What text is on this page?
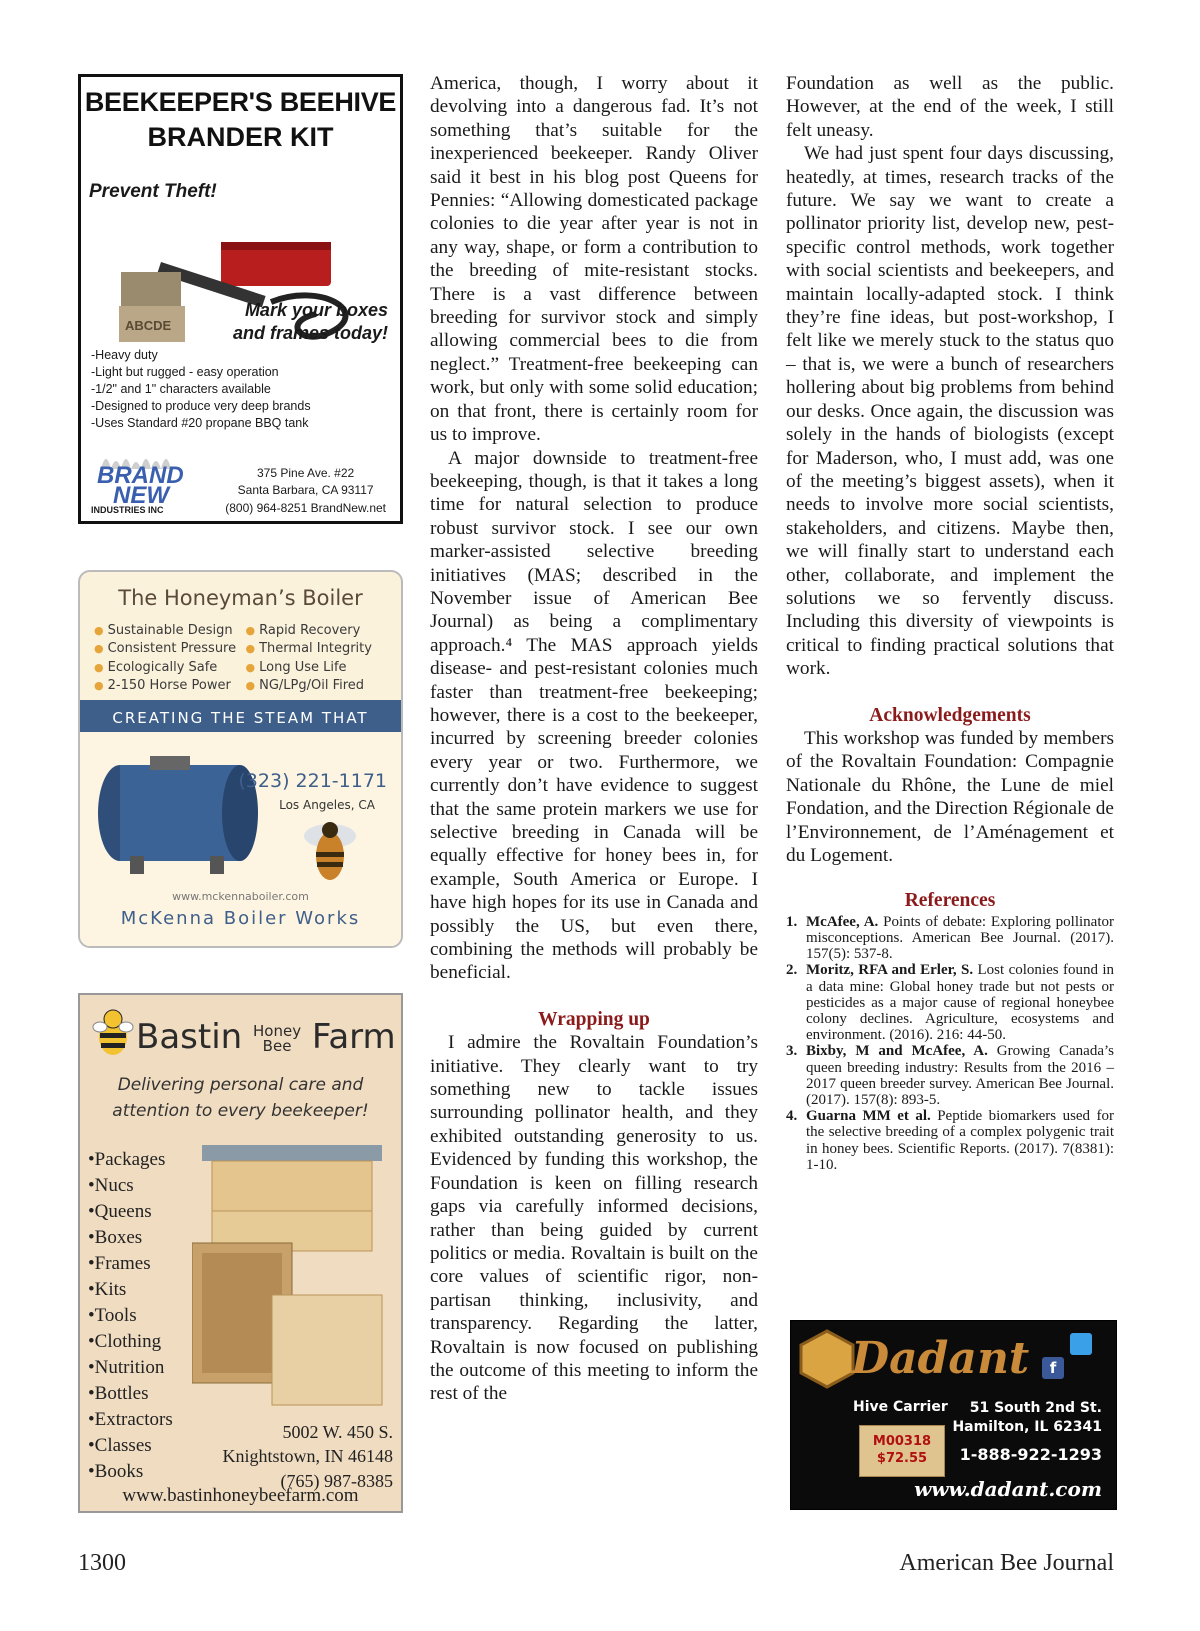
BEEKEEPER'S BEEHIVE
BRANDER KIT
Prevent Theft!
ABCDE
Mark your boxes
and frames today!
-Heavy duty
-Light but rugged - easy operation
-1/2" and 1" characters available
-Designed to produce very deep brands
-Uses Standard #20 propane BBQ tank
BRAND
NEW
INDUSTRIES INC
375 Pine Ave. #22
Santa Barbara, CA 93117
(800) 964-8251 BrandNew.net
The Honeyman’s Boiler
● Sustainable Design	● Rapid Recovery
● Consistent Pressure	● Thermal Integrity
● Ecologically Safe	● Long Use Life
● 2-150 Horse Power	● NG/LPg/Oil Fired
CREATING THE STEAM THAT
(323) 221-1171
Los Angeles, CA
www.mckennaboiler.com
McKenna Boiler Works
Bastin Honey
Bee Farm
Delivering personal care and
attention to every beekeeper!
•Packages
•Nucs
•Queens
•Boxes
•Frames
•Kits
•Tools
•Clothing
•Nutrition
•Bottles
•Extractors
•Classes
•Books
5002 W. 450 S.
Knightstown, IN 46148
(765) 987-8385
www.bastinhoneybeefarm.com

America, though, I worry about it devolving into a dangerous fad. It’s not something that’s suitable for the inexperienced beekeeper. Randy Oliver said it best in his blog post Queens for Pennies: “Allowing domesticated package colonies to die year after year is not in any way, shape, or form a contribution to the breeding of mite-resistant stocks. There is a vast difference between breeding for survivor stock and simply allowing commercial bees to die from neglect.” Treatment-free beekeeping can work, but only with some solid education; on that front, there is certainly room for us to improve.

A major downside to treatment-free beekeeping, though, is that it takes a long time for natural selection to produce robust survivor stock. I see our own marker-assisted selective breeding initiatives (MAS; described in the November issue of American Bee Journal) as being a complimentary approach.⁴ The MAS approach yields disease- and pest-resistant colonies much faster than treatment-free beekeeping; however, there is a cost to the beekeeper, incurred by screening breeder colonies every year or two. Furthermore, we currently don’t have evidence to suggest that the same protein markers we use for selective breeding in Canada will be equally effective for honey bees in, for example, South America or Europe. I have high hopes for its use in Canada and possibly the US, but even there, combining the methods will probably be beneficial.

Wrapping up

I admire the Rovaltain Foundation’s initiative. They clearly want to try something new to tackle issues surrounding pollinator health, and they exhibited outstanding generosity to us. Evidenced by funding this workshop, the Foundation is keen on filling research gaps via carefully informed decisions, rather than being guided by current politics or media. Rovaltain is built on the core values of scientific rigor, non-partisan thinking, inclusivity, and transparency. Regarding the latter, Rovaltain is now focused on publishing the outcome of this meeting to inform the rest of the

Foundation as well as the public. However, at the end of the week, I still felt uneasy.

We had just spent four days discussing, heatedly, at times, research tracks of the future. We say we want to create a pollinator priority list, develop new, pest-specific control methods, work together with social scientists and beekeepers, and maintain locally-adapted stock. I think they’re fine ideas, but post-workshop, I felt like we merely stuck to the status quo – that is, we were a bunch of researchers hollering about big problems from behind our desks. Once again, the discussion was solely in the hands of biologists (except for Maderson, who, I must add, was one of the meeting’s biggest assets), when it needs to involve more social scientists, stakeholders, and citizens. Maybe then, we will finally start to understand each other, collaborate, and implement the solutions we so fervently discuss. Including this diversity of viewpoints is critical to finding practical solutions that work.

Acknowledgements

This workshop was funded by members of the Rovaltain Foundation: Compagnie Nationale du Rhône, the Lune de miel Fondation, and the Direction Régionale de l’Environnement, de l’Aménagement et du Logement.

References
1. McAfee, A. Points of debate: Exploring pollinator misconceptions. American Bee Journal. (2017). 157(5): 537-8.
2. Moritz, RFA and Erler, S. Lost colonies found in a data mine: Global honey trade but not pests or pesticides as a major cause of regional honeybee colony declines. Agriculture, ecosystems and environment. (2016). 216: 44-50.
3. Bixby, M and McAfee, A. Growing Canada’s queen breeding industry: Results from the 2016 – 2017 queen breeder survey. American Bee Journal. (2017). 157(8): 893-5.
4. Guarna MM et al. Peptide biomarkers used for the selective breeding of a complex polygenic trait in honey bees. Scientific Reports. (2017). 7(8381): 1-10.
Dadant	f
Hive Carrier	51 South 2nd St.
Hamilton, IL 62341
M00318
$72.55	1-888-922-1293
www.dadant.com
1300	American Bee Journal
